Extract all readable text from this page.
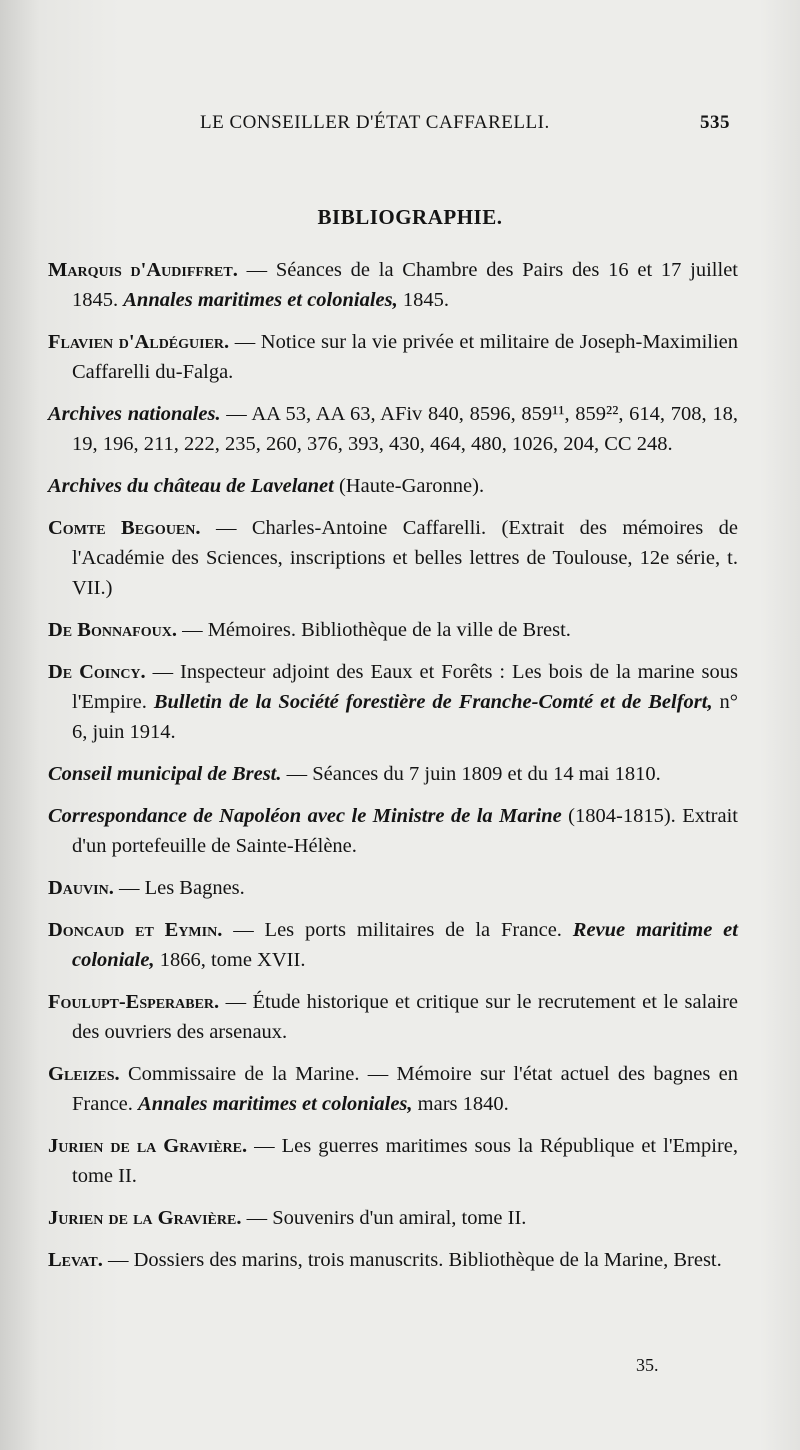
LE CONSEILLER D'ÉTAT CAFFARELLI.	535
BIBLIOGRAPHIE.
Marquis d'Audiffret. — Séances de la Chambre des Pairs des 16 et 17 juillet 1845. Annales maritimes et coloniales, 1845.
Flavien d'Aldéguier. — Notice sur la vie privée et militaire de Joseph-Maximilien Caffarelli du-Falga.
Archives nationales. — AA 53, AA 63, AFiv 840, 8596, 859¹¹, 859²², 614, 708, 18, 19, 196, 211, 222, 235, 260, 376, 393, 430, 464, 480, 1026, 204, CC 248.
Archives du château de Lavelanet (Haute-Garonne).
Comte Begouen. — Charles-Antoine Caffarelli. (Extrait des mémoires de l'Académie des Sciences, inscriptions et belles lettres de Toulouse, 12e série, t. VII.)
De Bonnafoux. — Mémoires. Bibliothèque de la ville de Brest.
De Coincy. — Inspecteur adjoint des Eaux et Forêts : Les bois de la marine sous l'Empire. Bulletin de la Société forestière de Franche-Comté et de Belfort, n° 6, juin 1914.
Conseil municipal de Brest. — Séances du 7 juin 1809 et du 14 mai 1810.
Correspondance de Napoléon avec le Ministre de la Marine (1804-1815). Extrait d'un portefeuille de Sainte-Hélène.
Dauvin. — Les Bagnes.
Doncaud et Eymin. — Les ports militaires de la France. Revue maritime et coloniale, 1866, tome XVII.
Foulupt-Esperaber. — Étude historique et critique sur le recrutement et le salaire des ouvriers des arsenaux.
Gleizes. Commissaire de la Marine. — Mémoire sur l'état actuel des bagnes en France. Annales maritimes et coloniales, mars 1840.
Jurien de la Gravière. — Les guerres maritimes sous la République et l'Empire, tome II.
Jurien de la Gravière. — Souvenirs d'un amiral, tome II.
Levat. — Dossiers des marins, trois manuscrits. Bibliothèque de la Marine, Brest.
35.
